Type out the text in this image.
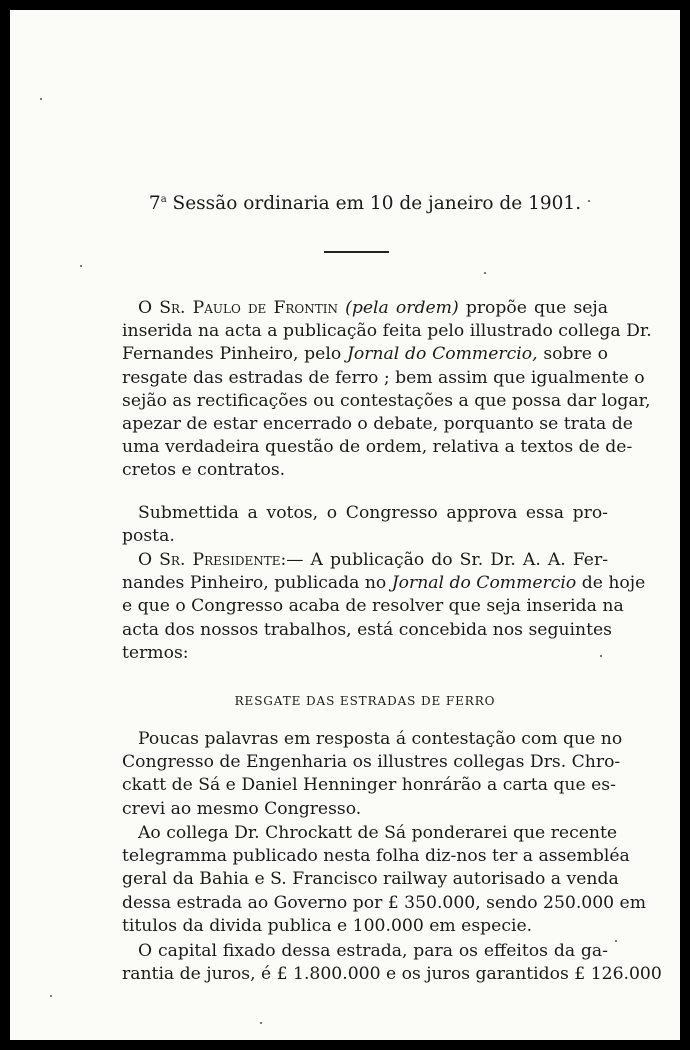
7$^a$ Sessão ordinaria em 10 de janeiro de 1901.
O Sr. Paulo de Frontin (pela ordem) propõe que seja
inserida na acta a publicação feita pelo illustrado collega Dr.
Fernandes Pinheiro, pelo Jornal do Commercio, sobre o
resgate das estradas de ferro ; bem assim que igualmente o
sejão as rectificações ou contestações a que possa dar logar,
apezar de estar encerrado o debate, porquanto se trata de
uma verdadeira questão de ordem, relativa a textos de de-
cretos e contratos.
Submettida a votos, o Congresso approva essa pro-
posta.
O Sr. Presidente:— A publicação do Sr. Dr. A. A. Fer-
nandes Pinheiro, publicada no Jornal do Commercio de hoje
e que o Congresso acaba de resolver que seja inserida na
acta dos nossos trabalhos, está concebida nos seguintes
termos:
RESGATE DAS ESTRADAS DE FERRO
Poucas palavras em resposta á contestação com que no
Congresso de Engenharia os illustres collegas Drs. Chro-
ckatt de Sá e Daniel Henninger honrárão a carta que es-
crevi ao mesmo Congresso.
Ao collega Dr. Chrockatt de Sá ponderarei que recente
telegramma publicado nesta folha diz-nos ter a assembléa
geral da Bahia e S. Francisco railway autorisado a venda
dessa estrada ao Governo por £ 350.000, sendo 250.000 em
titulos da divida publica e 100.000 em especie.
O capital fixado dessa estrada, para os effeitos da ga-
rantia de juros, é £ 1.800.000 e os juros garantidos £ 126.000
